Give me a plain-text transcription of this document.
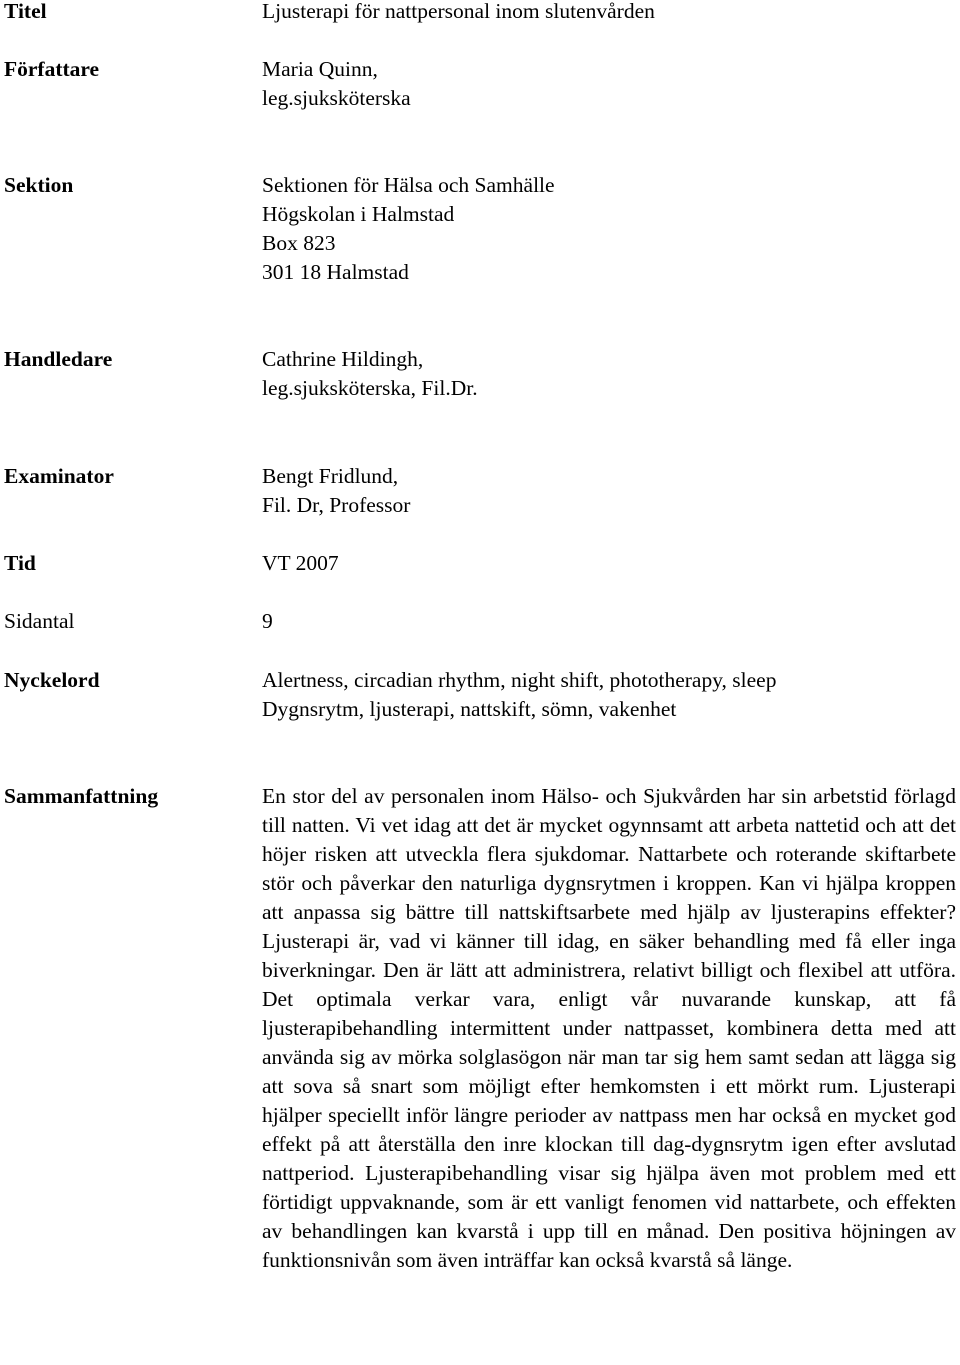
Titel	Ljusterapi för nattpersonal inom slutenvården
Författare	Maria Quinn,
leg.sjuksköterska
Sektion	Sektionen för Hälsa och Samhälle
Högskolan i Halmstad
Box 823
301 18 Halmstad
Handledare	Cathrine Hildingh,
leg.sjuksköterska, Fil.Dr.
Examinator	Bengt Fridlund,
Fil. Dr, Professor
Tid	VT 2007
Sidantal	9
Nyckelord	Alertness, circadian rhythm, night shift, phototherapy, sleep
Dygnsrytm, ljusterapi, nattskift, sömn, vakenhet
Sammanfattning	En stor del av personalen inom Hälso- och Sjukvården har sin arbetstid förlagd till natten. Vi vet idag att det är mycket ogynnsamt att arbeta nattetid och att det höjer risken att utveckla flera sjukdomar. Nattarbete och roterande skiftarbete stör och påverkar den naturliga dygnsrytmen i kroppen. Kan vi hjälpa kroppen att anpassa sig bättre till nattskiftsarbete med hjälp av ljusterapins effekter? Ljusterapi är, vad vi känner till idag, en säker behandling med få eller inga biverkningar. Den är lätt att administrera, relativt billigt och flexibel att utföra. Det optimala verkar vara, enligt vår nuvarande kunskap, att få ljusterapibehandling intermittent under nattpasset, kombinera detta med att använda sig av mörka solglasögon när man tar sig hem samt sedan att lägga sig att sova så snart som möjligt efter hemkomsten i ett mörkt rum. Ljusterapi hjälper speciellt inför längre perioder av nattpass men har också en mycket god effekt på att återställa den inre klockan till dag-dygnsrytm igen efter avslutad nattperiod. Ljusterapibehandling visar sig hjälpa även mot problem med ett förtidigt uppvaknande, som är ett vanligt fenomen vid nattarbete, och effekten av behandlingen kan kvarstå i upp till en månad. Den positiva höjningen av funktionsnivån som även inträffar kan också kvarstå så länge.
